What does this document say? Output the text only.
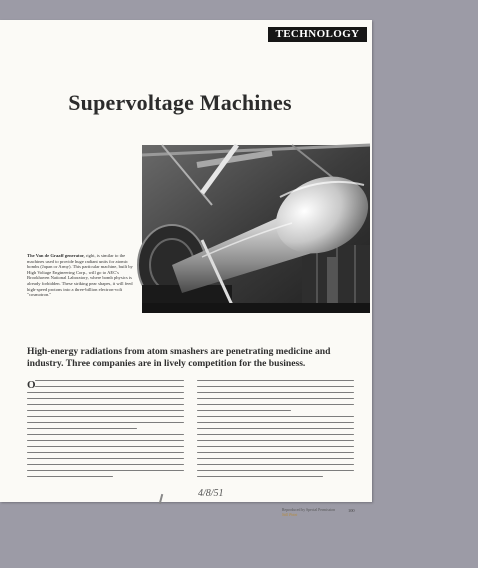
TECHNOLOGY
Supervoltage Machines
The Van de Graaff generator, right, is similar to the machines used to provide huge radiant units for atomic bombs (Japan or Army). This particular machine, built by High Voltage Engineering Corp., will go to AEC's Brookhaven National Laboratory, where bomb physics is already forbidden. These striking pear shapes, it will feed high-speed protons into a three-billion electron-volt "cosmotron."
High-energy radiations from atom smashers are penetrating medicine and industry. Three companies are in lively competition for the business.
O
4/8/51
Reproduced by Special Permission
Still Point
100
